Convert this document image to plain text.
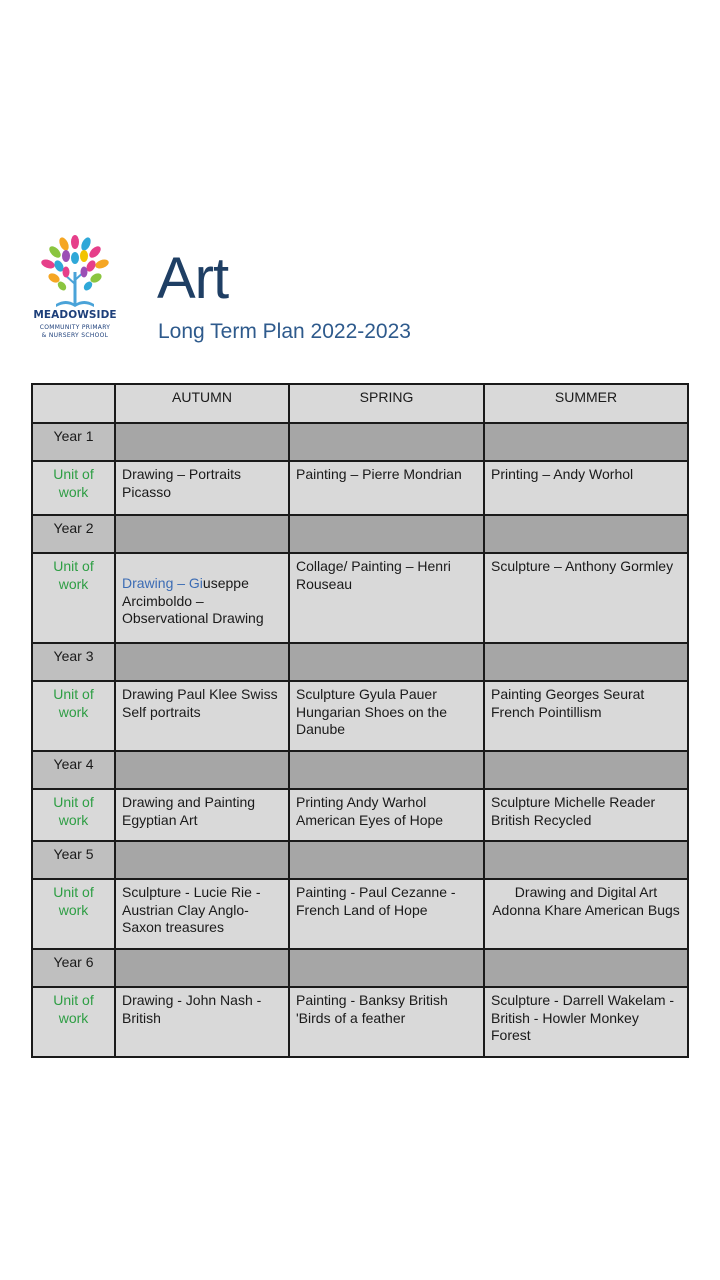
MEADOWSIDE
COMMUNITY PRIMARY
& NURSERY SCHOOL
Art
Long Term Plan 2022-2023
	AUTUMN	SPRING	SUMMER
Year 1			
Unit of work	Drawing – Portraits Picasso	Painting – Pierre Mondrian	Printing – Andy Worhol
Year 2			
Unit of work	Drawing – Giuseppe Arcimboldo – Observational Drawing	Collage/ Painting – Henri Rouseau	Sculpture – Anthony Gormley
Year 3			
Unit of work	Drawing Paul Klee Swiss Self portraits	Sculpture Gyula Pauer Hungarian Shoes on the Danube	Painting Georges Seurat French Pointillism
Year 4			
Unit of work	Drawing and Painting Egyptian Art	Printing Andy Warhol American Eyes of Hope	Sculpture Michelle Reader British Recycled
Year 5			
Unit of work	Sculpture - Lucie Rie - Austrian Clay Anglo-Saxon treasures	Painting - Paul Cezanne - French Land of Hope	Drawing and Digital Art Adonna Khare American Bugs
Year 6			
Unit of work	Drawing - John Nash - British	Painting - Banksy British 'Birds of a feather	Sculpture - Darrell Wakelam -British - Howler Monkey Forest
